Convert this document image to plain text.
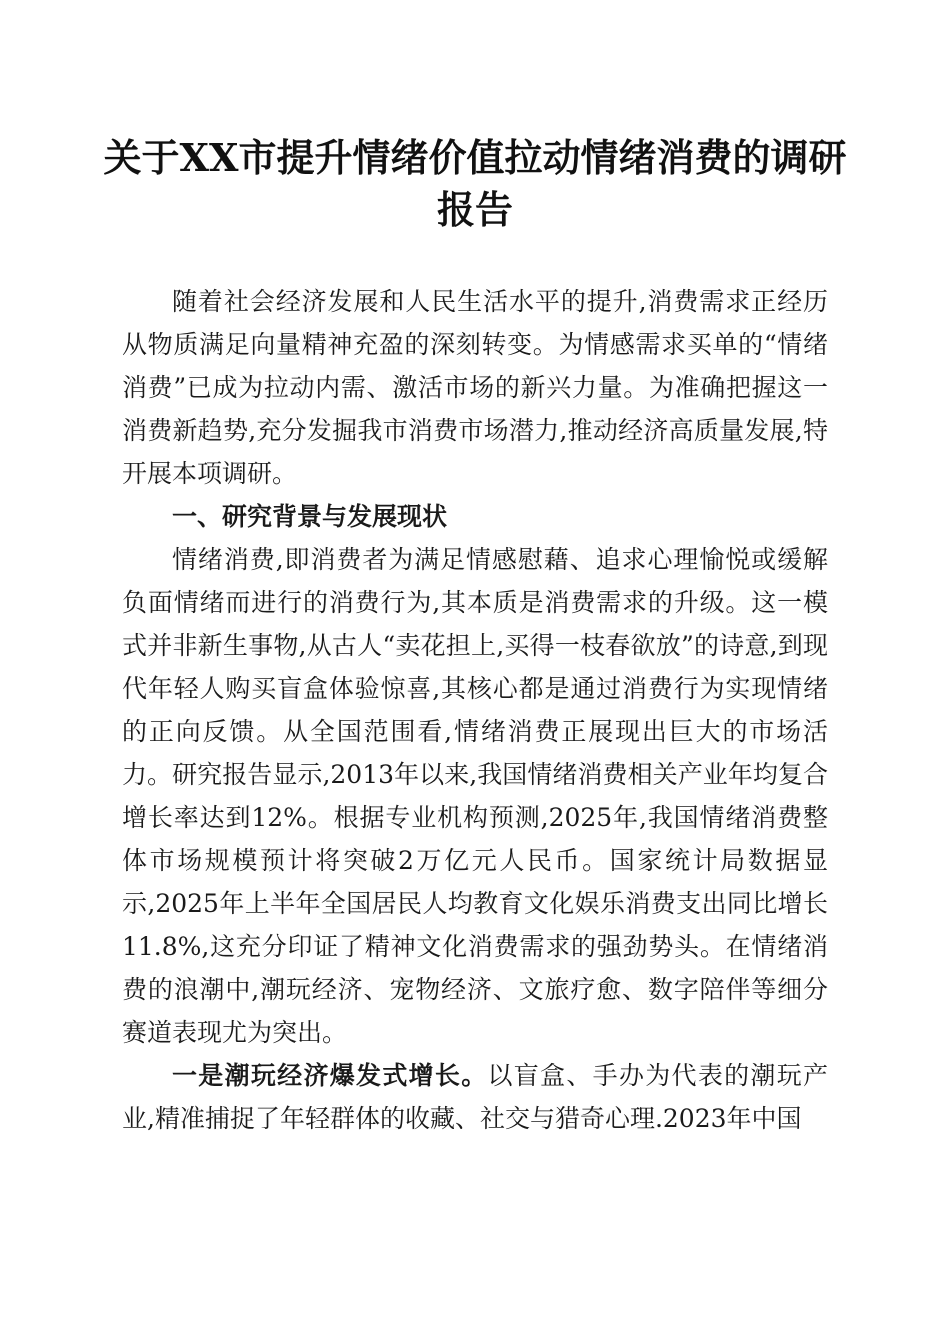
关于XX市提升情绪价值拉动情绪消费的调研
报告

随着社会经济发展和人民生活水平的提升,消费需求正经历从物质满足向量精神充盈的深刻转变。为情感需求买单的“情绪消费”已成为拉动内需、激活市场的新兴力量。为准确把握这一消费新趋势,充分发掘我市消费市场潜力,推动经济高质量发展,特开展本项调研。

一、研究背景与发展现状

情绪消费,即消费者为满足情感慰藉、追求心理愉悦或缓解负面情绪而进行的消费行为,其本质是消费需求的升级。这一模式并非新生事物,从古人“卖花担上,买得一枝春欲放”的诗意,到现代年轻人购买盲盒体验惊喜,其核心都是通过消费行为实现情绪的正向反馈。从全国范围看,情绪消费正展现出巨大的市场活力。研究报告显示,2013年以来,我国情绪消费相关产业年均复合增长率达到12%。根据专业机构预测,2025年,我国情绪消费整体市场规模预计将突破2万亿元人民币。国家统计局数据显示,2025年上半年全国居民人均教育文化娱乐消费支出同比增长11.8%,这充分印证了精神文化消费需求的强劲势头。在情绪消费的浪潮中,潮玩经济、宠物经济、文旅疗愈、数字陪伴等细分赛道表现尤为突出。

一是潮玩经济爆发式增长。以盲盒、手办为代表的潮玩产业,精准捕捉了年轻群体的收藏、社交与猎奇心理.2023年中国
